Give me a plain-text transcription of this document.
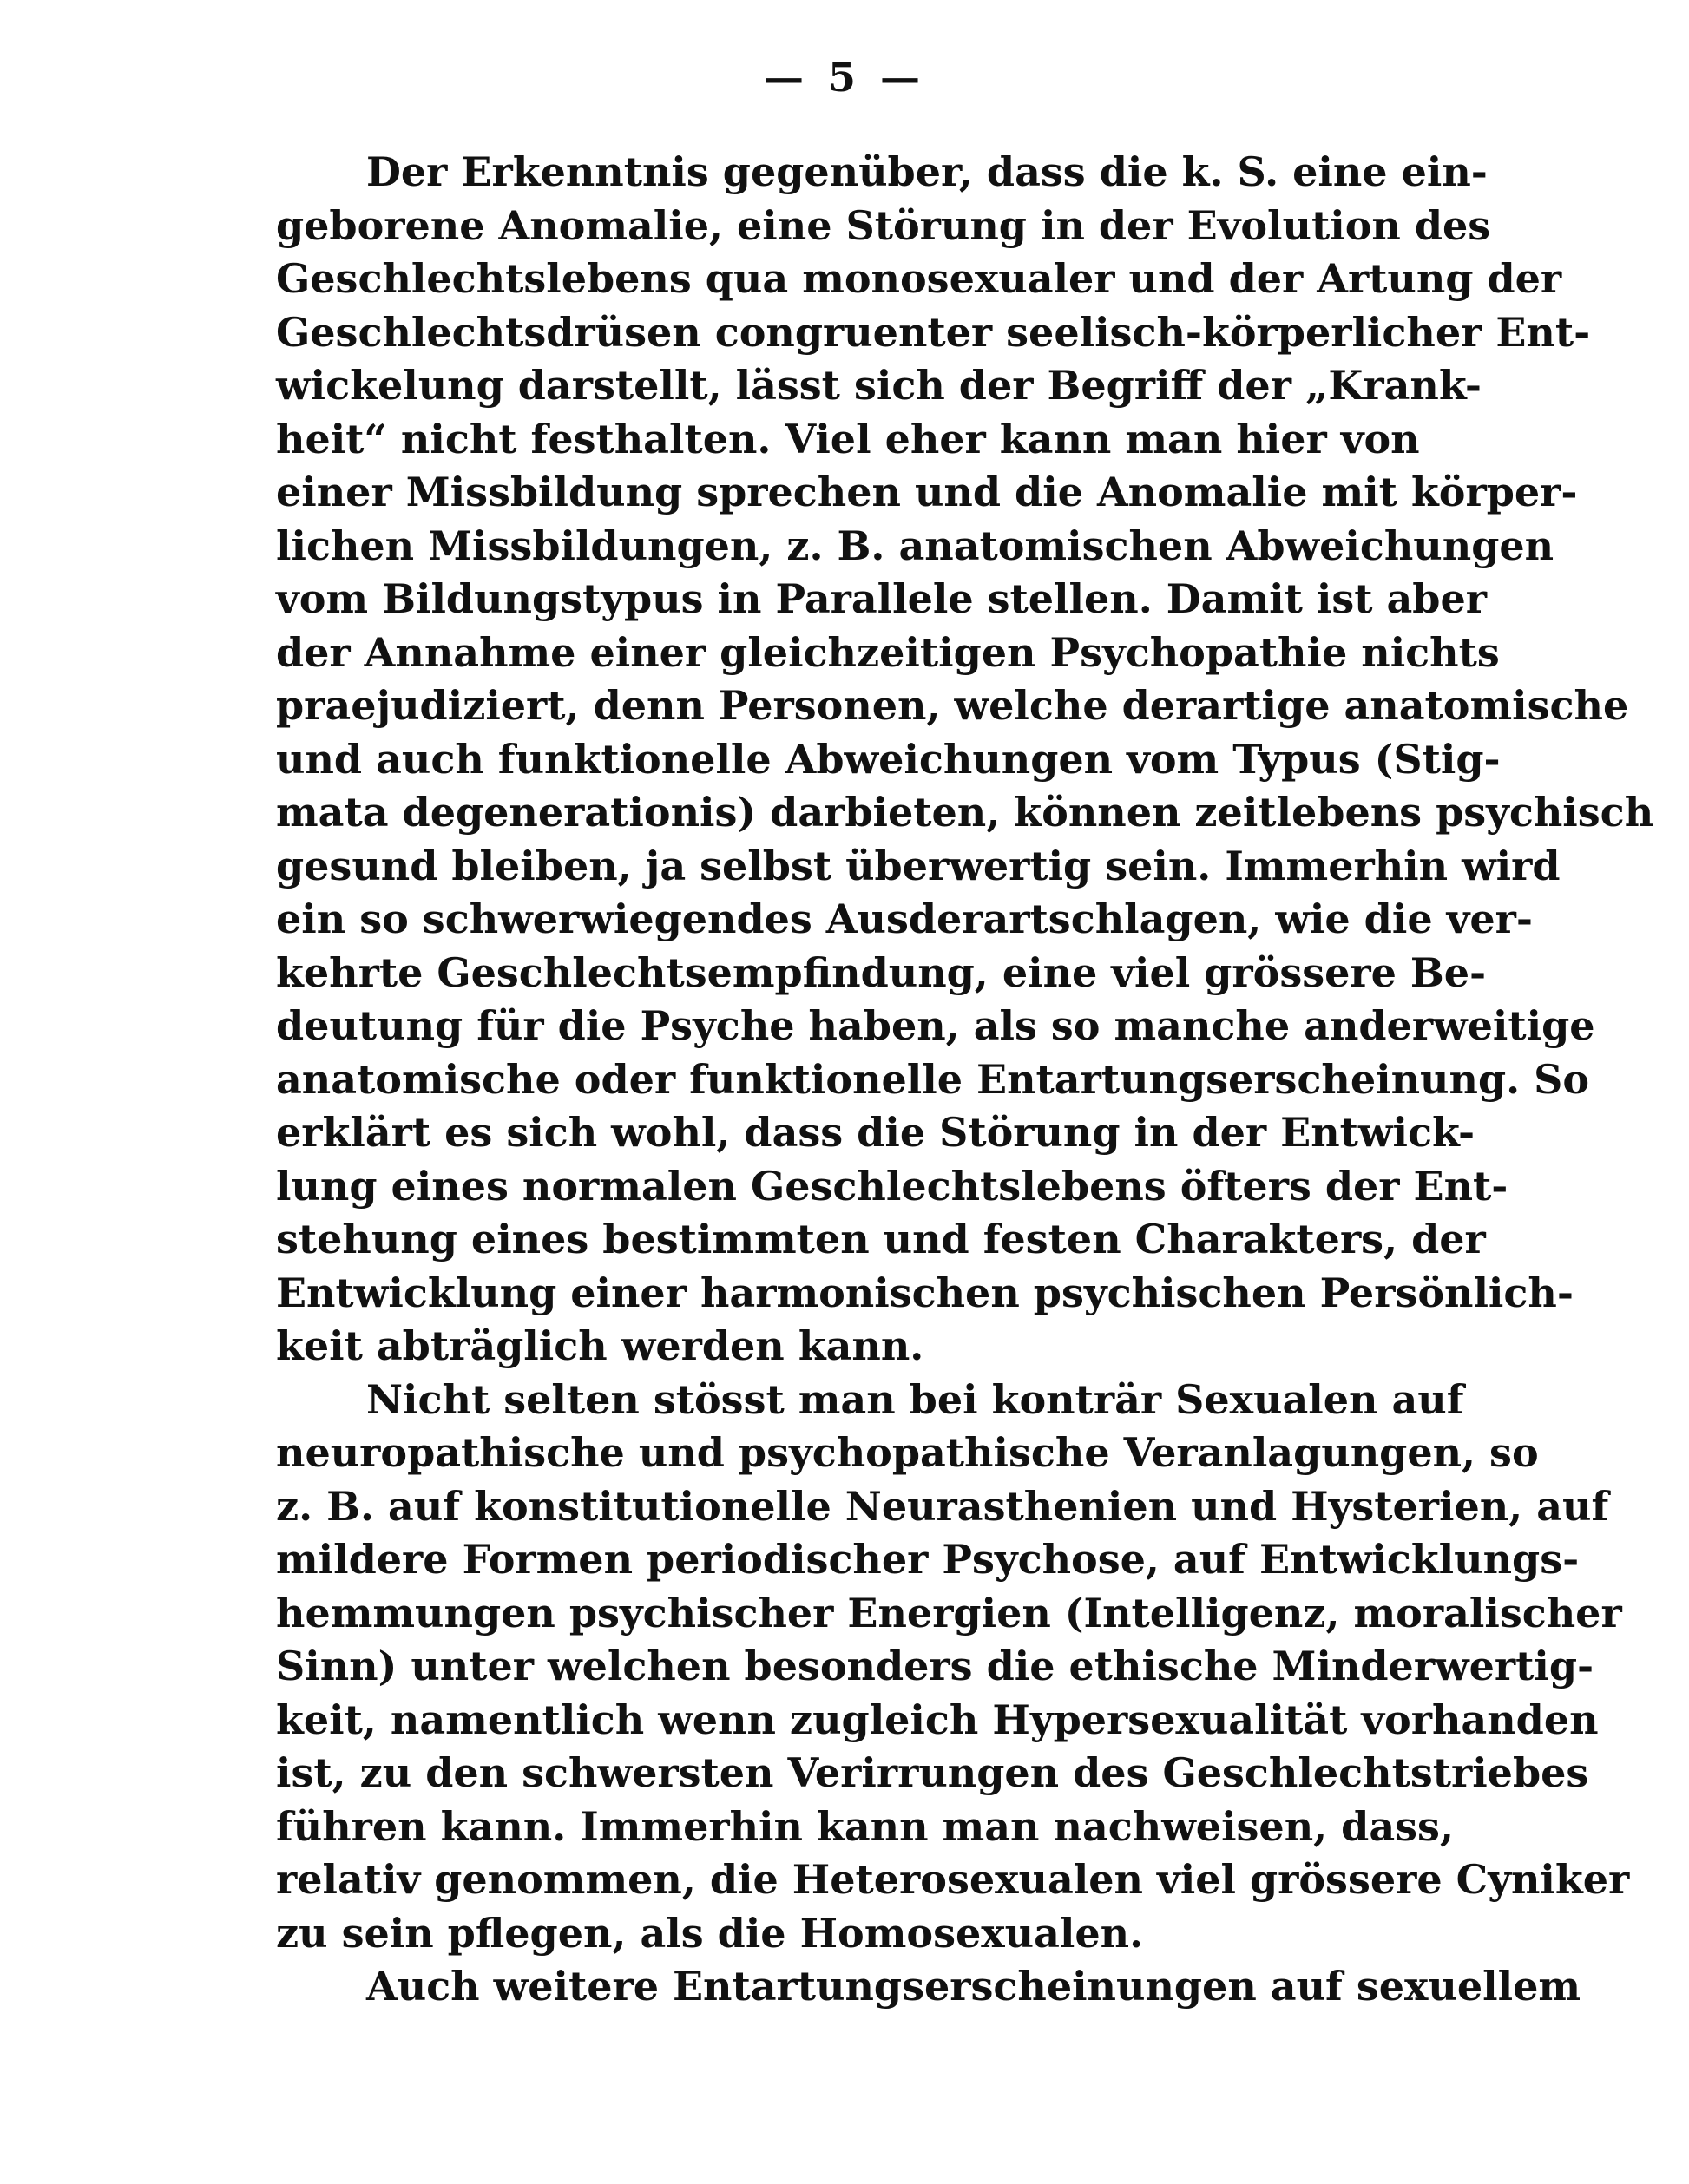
— 5 —
Der Erkenntnis gegenüber, dass die k. S. eine ein-
geborene Anomalie, eine Störung in der Evolution des
Geschlechtslebens qua monosexualer und der Artung der
Geschlechtsdrüsen congruenter seelisch-körperlicher Ent-
wickelung darstellt, lässt sich der Begriff der „Krank-
heit“ nicht festhalten. Viel eher kann man hier von
einer Missbildung sprechen und die Anomalie mit körper-
lichen Missbildungen, z. B. anatomischen Abweichungen
vom Bildungstypus in Parallele stellen. Damit ist aber
der Annahme einer gleichzeitigen Psychopathie nichts
praejudiziert, denn Personen, welche derartige anatomische
und auch funktionelle Abweichungen vom Typus (Stig-
mata degenerationis) darbieten, können zeitlebens psychisch
gesund bleiben, ja selbst überwertig sein. Immerhin wird
ein so schwerwiegendes Ausderartschlagen, wie die ver-
kehrte Geschlechtsempfindung, eine viel grössere Be-
deutung für die Psyche haben, als so manche anderweitige
anatomische oder funktionelle Entartungserscheinung. So
erklärt es sich wohl, dass die Störung in der Entwick-
lung eines normalen Geschlechtslebens öfters der Ent-
stehung eines bestimmten und festen Charakters, der
Entwicklung einer harmonischen psychischen Persönlich-
keit abträglich werden kann.
Nicht selten stösst man bei konträr Sexualen auf
neuropathische und psychopathische Veranlagungen, so
z. B. auf konstitutionelle Neurasthenien und Hysterien, auf
mildere Formen periodischer Psychose, auf Entwicklungs-
hemmungen psychischer Energien (Intelligenz, moralischer
Sinn) unter welchen besonders die ethische Minderwertig-
keit, namentlich wenn zugleich Hypersexualität vorhanden
ist, zu den schwersten Verirrungen des Geschlechtstriebes
führen kann. Immerhin kann man nachweisen, dass,
relativ genommen, die Heterosexualen viel grössere Cyniker
zu sein pflegen, als die Homosexualen.
Auch weitere Entartungserscheinungen auf sexuellem
